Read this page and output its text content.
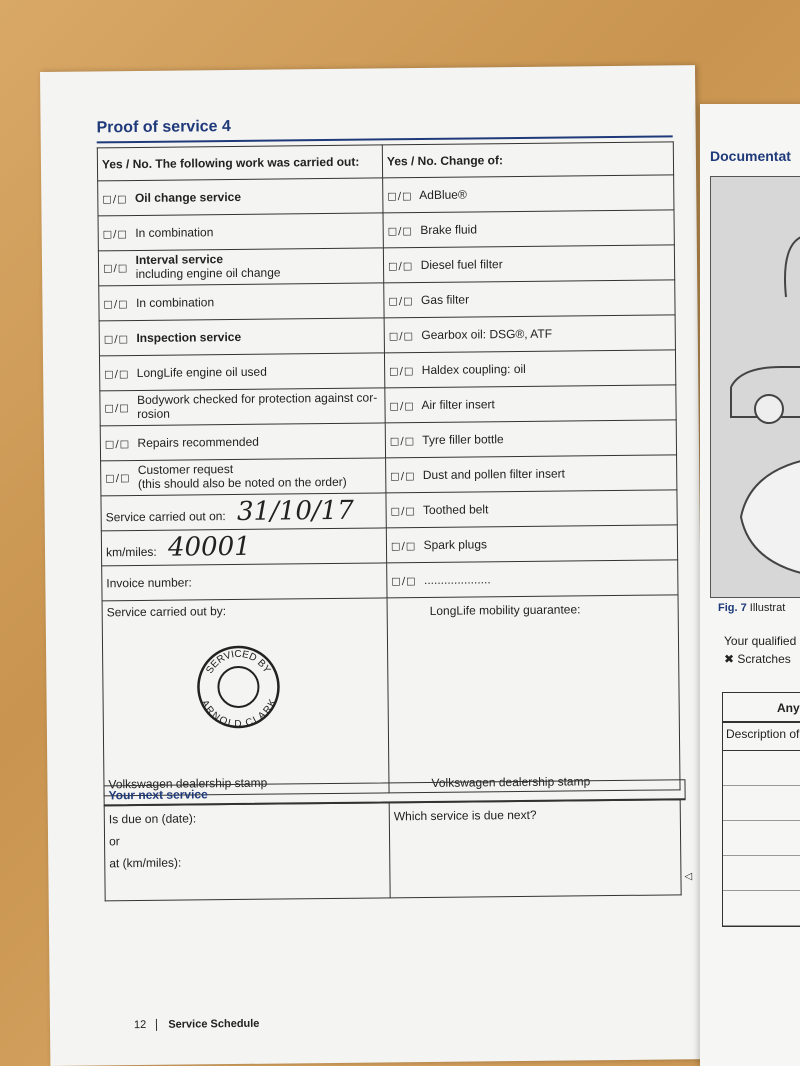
Proof of service 4
Yes / No. The following work was carried out:	Yes / No. Change of:
□/□ Oil change service	□/□ AdBlue®
□/□ In combination	□/□ Brake fluid
□/□ Interval service
including engine oil change	□/□ Diesel fuel filter
□/□ In combination	□/□ Gas filter
□/□ Inspection service	□/□ Gearbox oil: DSG®, ATF
□/□ LongLife engine oil used	□/□ Haldex coupling: oil
□/□ Bodywork checked for protection against cor-
rosion	□/□ Air filter insert
□/□ Repairs recommended	□/□ Tyre filler bottle
□/□ Customer request
(this should also be noted on the order)	□/□ Dust and pollen filter insert
Service carried out on: 31/10/17	□/□ Toothed belt
km/miles: 40001	□/□ Spark plugs
Invoice number:	□/□ ....................
Service carried out by:
SERVICED BY
ARNOLD CLARK
Volkswagen dealership stamp	LongLife mobility guarantee:
Volkswagen dealership stamp
Your next service
Is due on (date):
or
at (km/miles):
	Which service is due next?
◁
12 Service Schedule
Documentat
Fig. 7 Illustrat
Your qualified
✖ Scratches
Any
Description of
